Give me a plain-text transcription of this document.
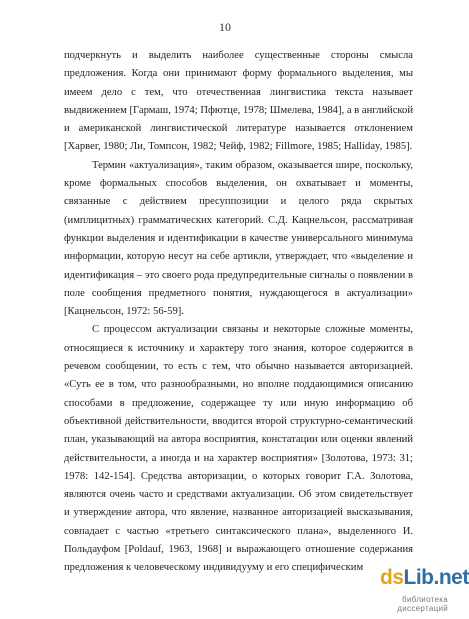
10

подчеркнуть и выделить наиболее существенные стороны смысла предложения. Когда они принимают форму формального выделения, мы имеем дело с тем, что отечественная лингвистика текста называет выдвижением [Гармаш, 1974; Пфютце, 1978; Шмелева, 1984], а в английской и американской лингвистической литературе называется отклонением [Харвег, 1980; Ли, Томпсон, 1982; Чейф, 1982; Fillmore, 1985; Halliday, 1985].

Термин «актуализация», таким образом, оказывается шире, поскольку, кроме формальных способов выделения, он охватывает и моменты, связанные с действием пресуппозиции и целого ряда скрытых (имплицитных) грамматических категорий. С.Д. Кацнельсон, рассматривая функции выделения и идентификации в качестве универсального минимума информации, которую несут на себе артикли, утверждает, что «выделение и идентификация – это своего рода предупредительные сигналы о появлении в поле сообщения предметного понятия, нуждающегося в актуализации» [Кацнельсон, 1972: 56-59].

С процессом актуализации связаны и некоторые сложные моменты, относящиеся к источнику и характеру того знания, которое содержится в речевом сообщении, то есть с тем, что обычно называется авторизацией. «Суть ее в том, что разнообразными, но вполне поддающимися описанию способами в предложение, содержащее ту или иную информацию об объективной действительности, вводится второй структурно-семантический план, указывающий на автора восприятия, констатации или оценки явлений действительности, а иногда и на характер восприятия» [Золотова, 1973: 31; 1978: 142-154]. Средства авторизации, о которых говорит Г.А. Золотова, являются очень часто и средствами актуализации. Об этом свидетельствует и утверждение автора, что явление, названное авторизацией высказывания, совпадает с частью «третьего синтаксического плана», выделенного И. Польдауфом [Poldauf, 1963, 1968] и выражающего отношение содержания предложения к человеческому индивидууму и его специфическим dsLib.net
библиотека диссертаций
